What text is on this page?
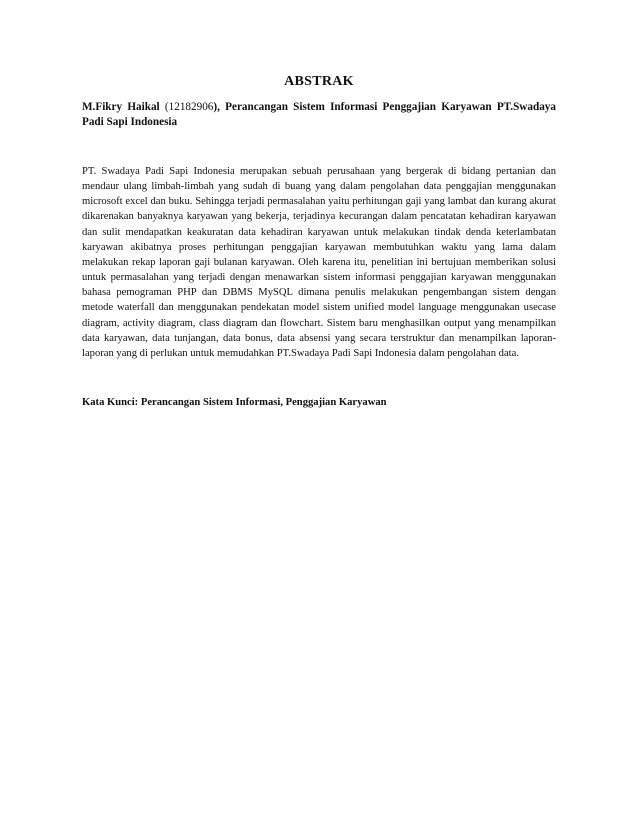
ABSTRAK
M.Fikry Haikal (12182906), Perancangan Sistem Informasi Penggajian Karyawan PT.Swadaya Padi Sapi Indonesia

PT. Swadaya Padi Sapi Indonesia merupakan sebuah perusahaan yang bergerak di bidang pertanian dan mendaur ulang limbah-limbah yang sudah di buang yang dalam pengolahan data penggajian menggunakan microsoft excel dan buku. Sehingga terjadi permasalahan yaitu perhitungan gaji yang lambat dan kurang akurat dikarenakan banyaknya karyawan yang bekerja, terjadinya kecurangan dalam pencatatan kehadiran karyawan dan sulit mendapatkan keakuratan data kehadiran karyawan untuk melakukan tindak denda keterlambatan karyawan akibatnya proses perhitungan penggajian karyawan membutuhkan waktu yang lama dalam melakukan rekap laporan gaji bulanan karyawan. Oleh karena itu, penelitian ini bertujuan memberikan solusi untuk permasalahan yang terjadi dengan menawarkan sistem informasi penggajian karyawan menggunakan bahasa pemograman PHP dan DBMS MySQL dimana penulis melakukan pengembangan sistem dengan metode waterfall dan menggunakan pendekatan model sistem unified model language menggunakan usecase diagram, activity diagram, class diagram dan flowchart. Sistem baru menghasilkan output yang menampilkan data karyawan, data tunjangan, data bonus, data absensi yang secara terstruktur dan menampilkan laporan-laporan yang di perlukan untuk memudahkan PT.Swadaya Padi Sapi Indonesia dalam pengolahan data.

Kata Kunci: Perancangan Sistem Informasi, Penggajian Karyawan
